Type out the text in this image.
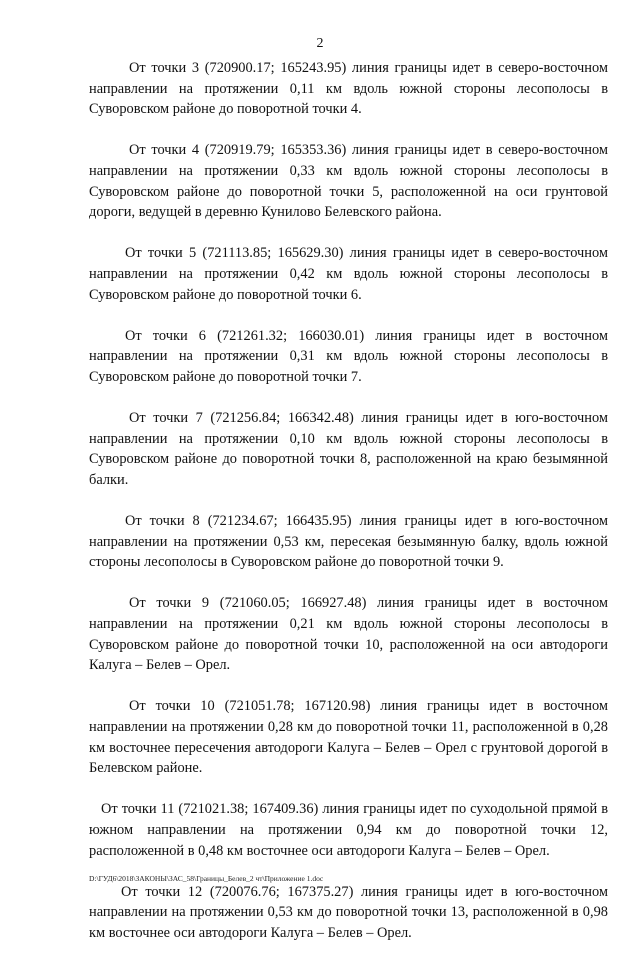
2

От точки 3 (720900.17; 165243.95) линия границы идет в северо-восточном направлении на протяжении 0,11 км вдоль южной стороны лесополосы в Суворовском районе до поворотной точки 4.

От точки 4 (720919.79; 165353.36) линия границы идет в северо-восточном направлении на протяжении 0,33 км вдоль южной стороны лесополосы в Суворовском районе до поворотной точки 5, расположенной на оси грунтовой дороги, ведущей в деревню Кунилово Белевского района.

От точки 5 (721113.85; 165629.30) линия границы идет в северо-восточном направлении на протяжении 0,42 км вдоль южной стороны лесополосы в Суворовском районе до поворотной точки 6.

От точки 6 (721261.32; 166030.01) линия границы идет в восточном направлении на протяжении 0,31 км вдоль южной стороны лесополосы в Суворовском районе до поворотной точки 7.

От точки 7 (721256.84; 166342.48) линия границы идет в юго-восточном направлении на протяжении 0,10 км вдоль южной стороны лесополосы в Суворовском районе до поворотной точки 8, расположенной на краю безымянной балки.

От точки 8 (721234.67; 166435.95) линия границы идет в юго-восточном направлении на протяжении 0,53 км, пересекая безымянную балку, вдоль южной стороны лесополосы в Суворовском районе до поворотной точки 9.

От точки 9 (721060.05; 166927.48) линия границы идет в восточном направлении на протяжении 0,21 км вдоль южной стороны лесополосы в Суворовском районе до поворотной точки 10, расположенной на оси автодороги Калуга – Белев – Орел.

От точки 10 (721051.78; 167120.98) линия границы идет в восточном направлении на протяжении 0,28 км до поворотной точки 11, расположенной в 0,28 км восточнее пересечения автодороги Калуга – Белев – Орел с грунтовой дорогой в Белевском районе.

От точки 11 (721021.38; 167409.36) линия границы идет по суходольной прямой в южном направлении на протяжении 0,94 км до поворотной точки 12, расположенной в 0,48 км восточнее оси автодороги Калуга – Белев – Орел.

От точки 12 (720076.76; 167375.27) линия границы идет в юго-восточном направлении на протяжении 0,53 км до поворотной точки 13, расположенной в 0,98 км восточнее оси автодороги Калуга – Белев – Орел.

D:\ГУД6\2018\ЗАКОНЫ\ЗАС_58\Границы_Белев_2 чт\Приложение 1.doc
